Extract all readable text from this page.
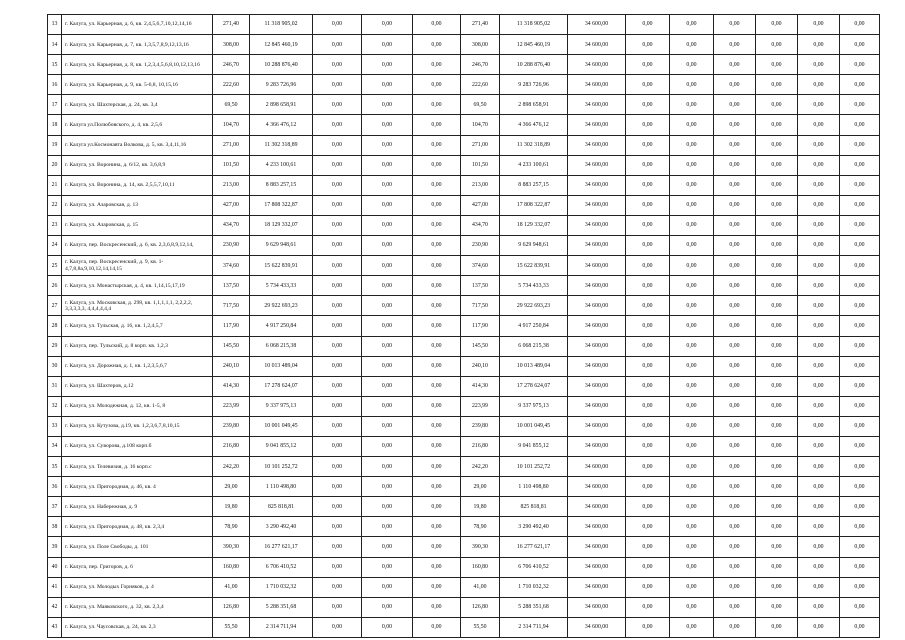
13	г. Калуга, ул. Карьерная, д. 6, кв. 2,4,5,6,7,10,12,14,16	271,40	11 318 905,02	0,00	0,00	0,00	271,40	11 318 905,02	34 600,00	0,00	0,00	0,00	0,00	0,00	0,00
14	г. Калуга, ул. Карьерная, д. 7, кв. 1,3,5,7,8,9,12,13,16	308,00	12 845 460,19	0,00	0,00	0,00	308,00	12 845 460,19	34 600,00	0,00	0,00	0,00	0,00	0,00	0,00
15	г. Калуга, ул. Карьерная, д. 8, кв. 1,2,3,4,5,6,8,10,12,13,16	246,70	10 288 876,40	0,00	0,00	0,00	246,70	10 288 876,40	34 600,00	0,00	0,00	0,00	0,00	0,00	0,00
16	г. Калуга, ул. Карьерная, д. 9, кв. 5-6,8, 10,15,16	222,60	9 283 726,96	0,00	0,00	0,00	222,60	9 283 726,96	34 600,00	0,00	0,00	0,00	0,00	0,00	0,00
17	г. Калуга, ул. Шахтерская, д. 24, кв. 3,4	69,50	2 898 658,91	0,00	0,00	0,00	69,50	2 898 658,91	34 600,00	0,00	0,00	0,00	0,00	0,00	0,00
18	г. Калуга ул.Полюбовского, д. 4, кв. 2,5,6	104,70	4 366 476,12	0,00	0,00	0,00	104,70	4 366 476,12	34 600,00	0,00	0,00	0,00	0,00	0,00	0,00
19	г. Калуга ул.Космонавта Волкова, д. 5, кв. 3,4,11,16	271,00	11 302 318,89	0,00	0,00	0,00	271,00	11 302 318,89	34 600,00	0,00	0,00	0,00	0,00	0,00	0,00
20	г. Калуга, ул. Воронина, д. 6/12, кв. 3,6,8,9	101,50	4 233 100,61	0,00	0,00	0,00	101,50	4 233 100,61	34 600,00	0,00	0,00	0,00	0,00	0,00	0,00
21	г. Калуга, ул. Воронина, д. 14, кв. 2,5,5,7,10,11	213,00	8 883 257,15	0,00	0,00	0,00	213,00	8 883 257,15	34 600,00	0,00	0,00	0,00	0,00	0,00	0,00
22	г. Калуга, ул. Азаровская, д. 13	427,00	17 808 322,87	0,00	0,00	0,00	427,00	17 808 322,87	34 600,00	0,00	0,00	0,00	0,00	0,00	0,00
23	г. Калуга, ул. Азаровская, д. 15	434,70	18 129 332,07	0,00	0,00	0,00	434,70	18 129 332,07	34 600,00	0,00	0,00	0,00	0,00	0,00	0,00
24	г. Калуга, пер. Воскресенский, д. 6, кв. 2,3,6,8,9,12,14,	230,90	9 629 948,61	0,00	0,00	0,00	230,90	9 629 948,61	34 600,00	0,00	0,00	0,00	0,00	0,00	0,00
25	г. Калуга, пер. Воскресенский, д. 9, кв. 1-4,7,8,8а,9,10,12,14,14,15	374,60	15 622 839,91	0,00	0,00	0,00	374,60	15 622 839,91	34 600,00	0,00	0,00	0,00	0,00	0,00	0,00
26	г. Калуга, ул. Монастырская, д. 4, кв. 1,14,15,17,19	137,50	5 734 433,33	0,00	0,00	0,00	137,50	5 734 433,33	34 600,00	0,00	0,00	0,00	0,00	0,00	0,00
27	г. Калуга, ул. Московская, д. 298, кв. 1,1,1,1,1, 2,2,2,2, 3,3,3,3,3, 4,4,4,4,4,4	717,50	29 922 693,23	0,00	0,00	0,00	717,50	29 922 693,23	34 600,00	0,00	0,00	0,00	0,00	0,00	0,00
28	г. Калуга, ул. Тульская, д. 16, кв. 1,2,4,5,7	117,90	4 917 250,84	0,00	0,00	0,00	117,90	4 917 250,84	34 600,00	0,00	0,00	0,00	0,00	0,00	0,00
29	г. Калуга, пер. Тульский, д. 8 корп. кв. 1,2,3	145,50	6 068 215,38	0,00	0,00	0,00	145,50	6 068 215,38	34 600,00	0,00	0,00	0,00	0,00	0,00	0,00
30	г. Калуга, ул. Дорожная, д. 1, кв. 1,2,3,5,6,7	240,10	10 013 489,04	0,00	0,00	0,00	240,10	10 013 489,04	34 600,00	0,00	0,00	0,00	0,00	0,00	0,00
31	г. Калуга, ул. Шахтеров, д.12	414,30	17 278 624,07	0,00	0,00	0,00	414,30	17 278 624,07	34 600,00	0,00	0,00	0,00	0,00	0,00	0,00
32	г. Калуга, ул. Молодежная, д. 12, кв. 1-5, 8	223,99	9 337 975,13	0,00	0,00	0,00	223,99	9 337 975,13	34 600,00	0,00	0,00	0,00	0,00	0,00	0,00
33	г. Калуга, ул. Кутузова, д.19, кв. 1,2,3,6,7,8,10,15	239,80	10 001 049,45	0,00	0,00	0,00	239,80	10 001 049,45	34 600,00	0,00	0,00	0,00	0,00	0,00	0,00
34	г. Калуга, ул. Суворова, д.108 корп.б	216,80	9 041 855,12	0,00	0,00	0,00	216,80	9 041 855,12	34 600,00	0,00	0,00	0,00	0,00	0,00	0,00
35	г. Калуга, ул. Телевизия, д. 16 корп.с	242,20	10 101 252,72	0,00	0,00	0,00	242,20	10 101 252,72	34 600,00	0,00	0,00	0,00	0,00	0,00	0,00
36	г. Калуга, ул. Пригородная, д. 46, кв. 4	29,00	1 110 498,80	0,00	0,00	0,00	29,00	1 110 498,80	34 600,00	0,00	0,00	0,00	0,00	0,00	0,00
37	г. Калуга, ул. Набережная, д. 9	19,80	825 818,81	0,00	0,00	0,00	19,80	825 818,81	34 600,00	0,00	0,00	0,00	0,00	0,00	0,00
38	г. Калуга, ул. Пригородная, д. 48, кв. 2,3,4	78,90	3 290 492,40	0,00	0,00	0,00	78,90	3 290 492,40	34 600,00	0,00	0,00	0,00	0,00	0,00	0,00
39	г. Калуга, ул. Поле Свободы, д. 101	390,30	16 277 621,17	0,00	0,00	0,00	390,30	16 277 621,17	34 600,00	0,00	0,00	0,00	0,00	0,00	0,00
40	г. Калуга, пер. Григоров, д. 6	160,80	6 706 410,52	0,00	0,00	0,00	160,80	6 706 410,52	34 600,00	0,00	0,00	0,00	0,00	0,00	0,00
41	г. Калуга, ул. Молодых Горняков, д. 4	41,00	1 710 032,32	0,00	0,00	0,00	41,00	1 710 032,32	34 600,00	0,00	0,00	0,00	0,00	0,00	0,00
42	г. Калуга, ул. Маяковского, д. 32, кв. 2,3,4	126,80	5 288 351,68	0,00	0,00	0,00	126,80	5 288 351,68	34 600,00	0,00	0,00	0,00	0,00	0,00	0,00
43	г. Калуга, ул. Чаусовская, д. 24, кв. 2,3	55,50	2 314 711,94	0,00	0,00	0,00	55,50	2 314 711,94	34 600,00	0,00	0,00	0,00	0,00	0,00	0,00
